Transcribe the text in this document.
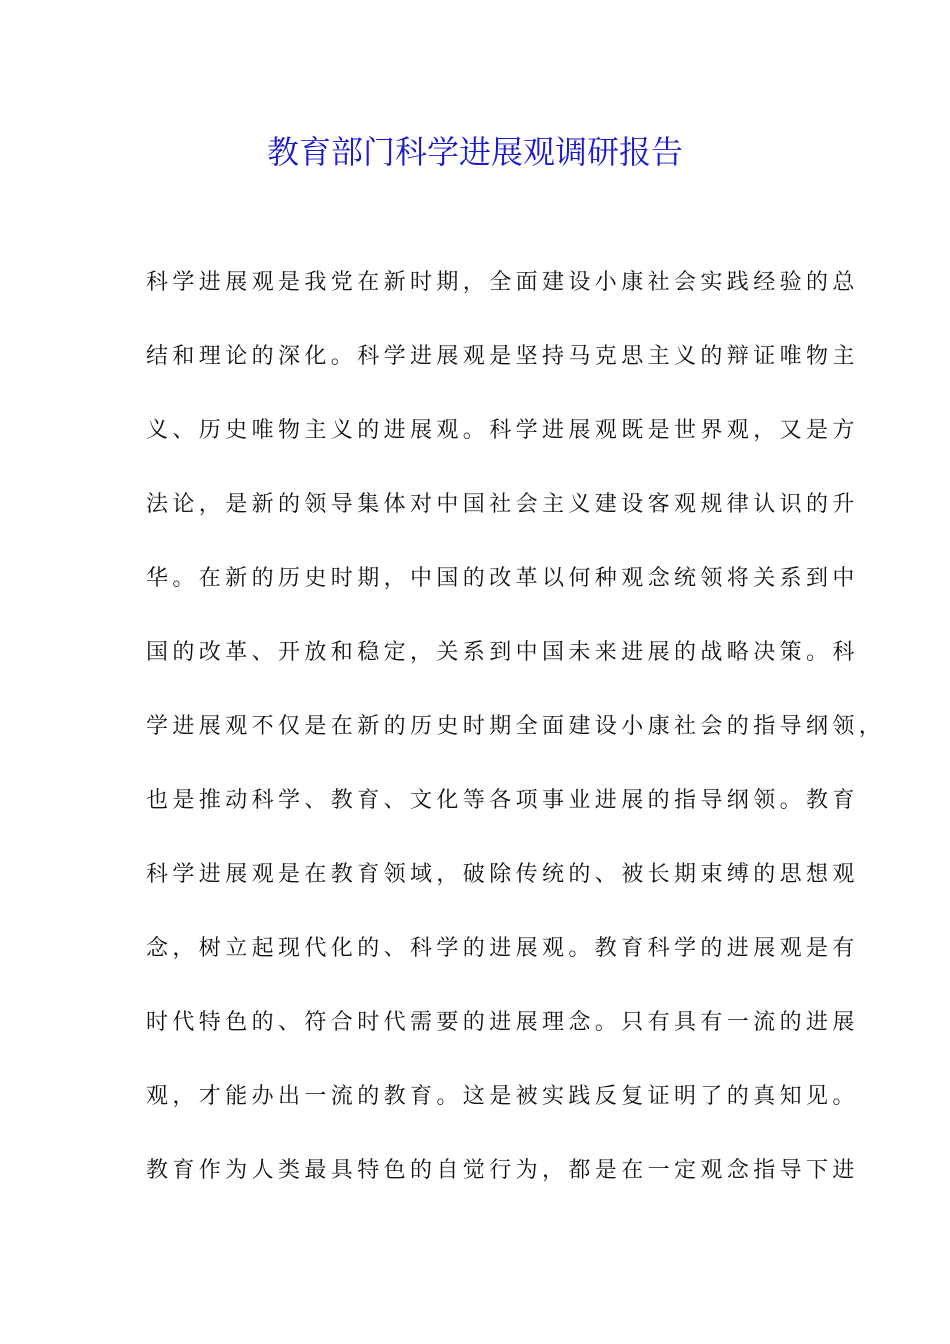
教育部门科学进展观调研报告
科学进展观是我党在新时期，全面建设小康社会实践经验的总
结和理论的深化。科学进展观是坚持马克思主义的辩证唯物主
义、历史唯物主义的进展观。科学进展观既是世界观，又是方
法论，是新的领导集体对中国社会主义建设客观规律认识的升
华。在新的历史时期，中国的改革以何种观念统领将关系到中
国的改革、开放和稳定，关系到中国未来进展的战略决策。科
学进展观不仅是在新的历史时期全面建设小康社会的指导纲领，
也是推动科学、教育、文化等各项事业进展的指导纲领。教育
科学进展观是在教育领域，破除传统的、被长期束缚的思想观
念，树立起现代化的、科学的进展观。教育科学的进展观是有
时代特色的、符合时代需要的进展理念。只有具有一流的进展
观，才能办出一流的教育。这是被实践反复证明了的真知见。
教育作为人类最具特色的自觉行为，都是在一定观念指导下进
